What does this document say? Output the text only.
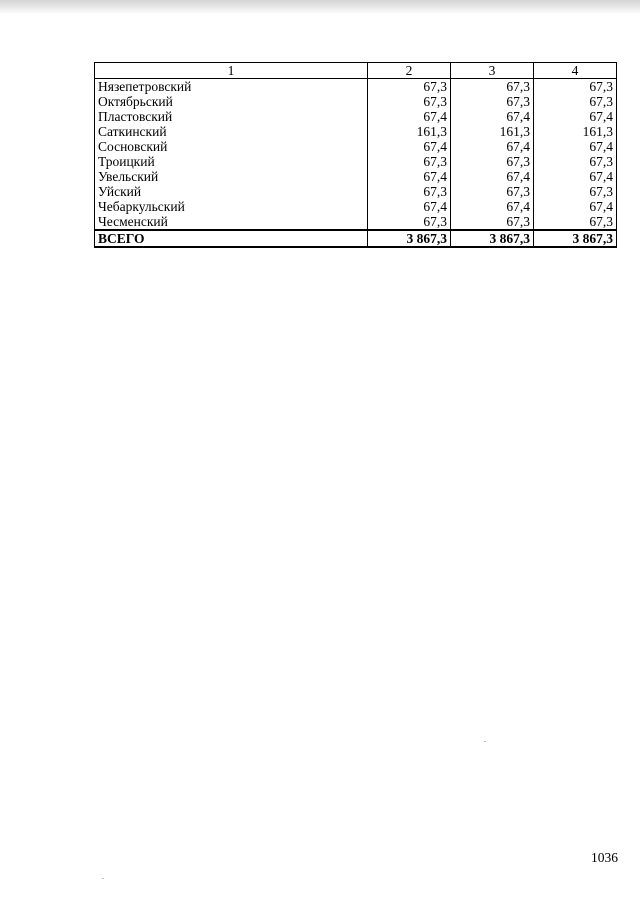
1	2	3	4
Нязепетровский	67,3	67,3	67,3
Октябрьский	67,3	67,3	67,3
Пластовский	67,4	67,4	67,4
Саткинский	161,3	161,3	161,3
Сосновский	67,4	67,4	67,4
Троицкий	67,3	67,3	67,3
Увельский	67,4	67,4	67,4
Уйский	67,3	67,3	67,3
Чебаркульский	67,4	67,4	67,4
Чесменский	67,3	67,3	67,3
ВСЕГО	3 867,3	3 867,3	3 867,3
1036
